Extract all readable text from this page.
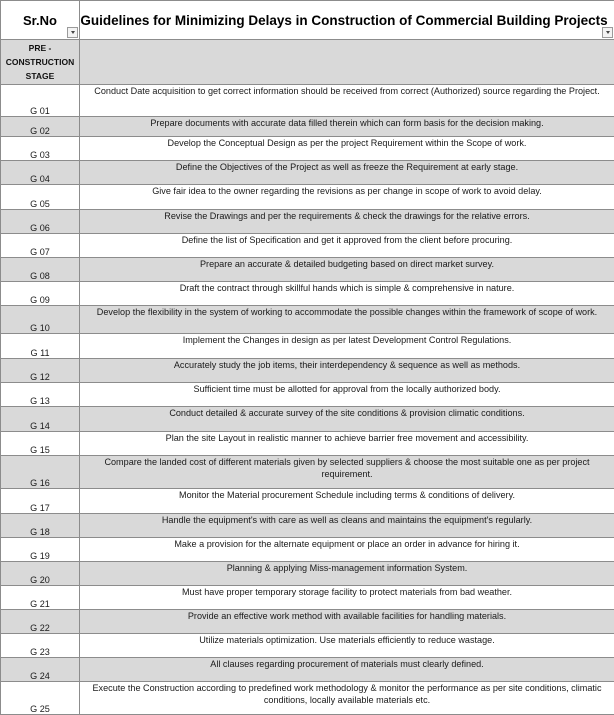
Sr.No	Guidelines for Minimizing Delays in Construction of Commercial Building Projects

PRE - CONSTRUCTION STAGE	
G 01	Conduct Date acquisition to get correct information should be received from correct (Authorized) source regarding the Project.
G 02	Prepare documents with accurate data filled therein which can form basis for the decision making.
G 03	Develop the Conceptual Design as per the project Requirement within the Scope of work.
G 04	Define the Objectives of the Project as well as freeze the Requirement at early stage.
G 05	Give fair idea to the owner regarding the revisions as per change in scope of work to avoid delay.
G 06	Revise the Drawings and per the requirements & check the drawings for the relative errors.
G 07	Define the list of Specification and get it approved from the client before procuring.
G 08	Prepare an accurate & detailed budgeting based on direct market survey.
G 09	Draft the contract through skillful hands which is simple & comprehensive in nature.
G 10	Develop the flexibility in the system of working to accommodate the possible changes within the framework of scope of work.
G 11	Implement the Changes in design as per latest Development Control Regulations.
G 12	Accurately study the job items, their interdependency & sequence as well as methods.
G 13	Sufficient time must be allotted for approval from the locally authorized body.
G 14	Conduct detailed & accurate survey of the site conditions & provision climatic conditions.
G 15	Plan the site Layout in realistic manner to achieve barrier free movement and accessibility.
G 16	Compare the landed cost of different materials given by selected suppliers & choose the most suitable one as per project requirement.
G 17	Monitor the Material procurement Schedule including terms & conditions of delivery.
G 18	Handle the equipment's with care as well as cleans and maintains the equipment's regularly.
G 19	Make a provision for the alternate equipment or place an order in advance for hiring it.
G 20	Planning & applying Miss-management information System.
G 21	Must have proper temporary storage facility to protect materials from bad weather.
G 22	Provide an effective work method with available facilities for handling materials.
G 23	Utilize materials optimization. Use materials efficiently to reduce wastage.
G 24	All clauses regarding procurement of materials must clearly defined.
G 25	Execute the Construction according to predefined work methodology & monitor the performance as per site conditions, climatic conditions, locally available materials etc.
